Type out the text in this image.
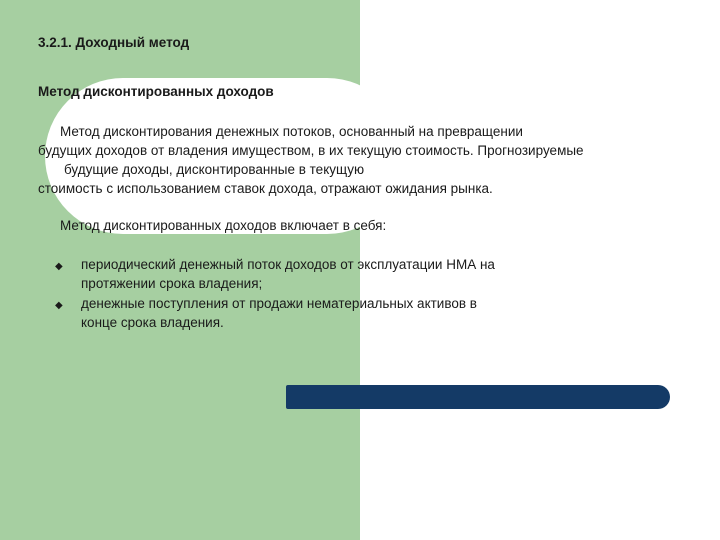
3.2.1. Доходный метод
Метод дисконтированных доходов
Метод дисконтирования денежных потоков, основанный на превращении
будущих доходов от владения имуществом, в их текущую стоимость. Прогнозируемые
будущие доходы, дисконтированные в текущую
стоимость с использованием ставок дохода, отражают ожидания рынка.
Метод дисконтированных доходов включает в себя:
◆ периодический денежный поток доходов от эксплуатации НМА на
протяжении срока владения;
◆ денежные поступления от продажи нематериальных активов в
конце срока владения.
